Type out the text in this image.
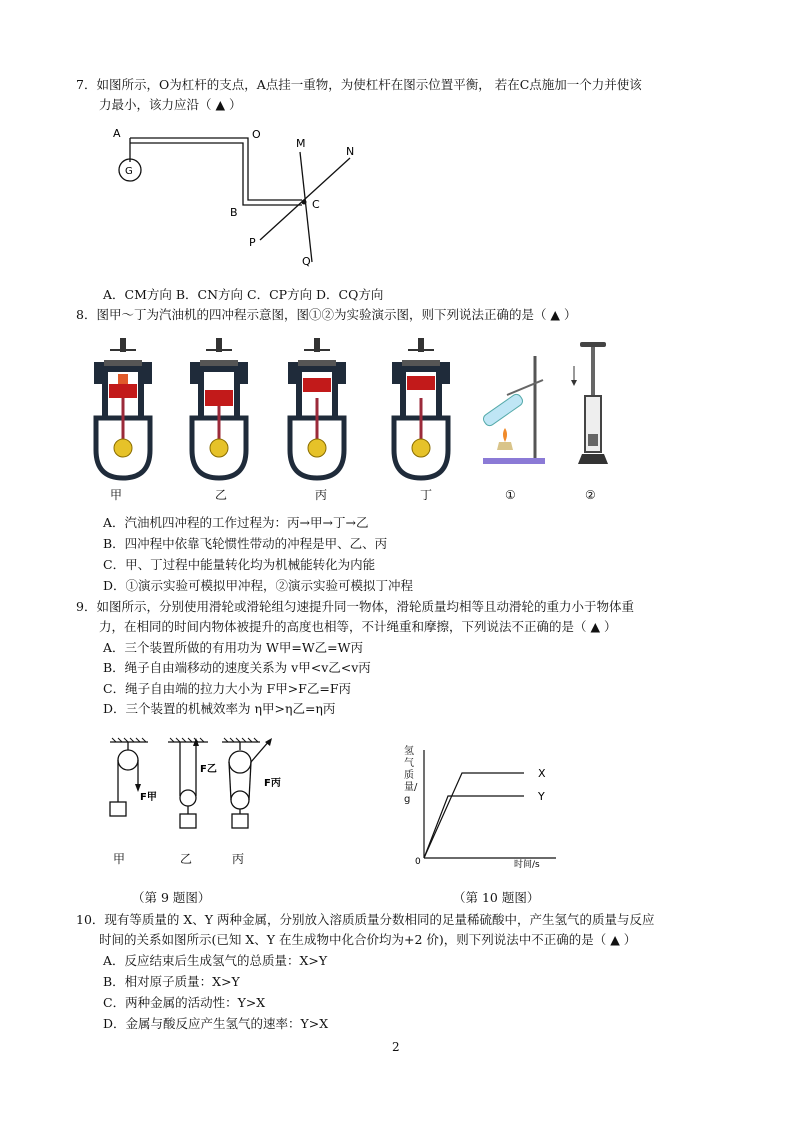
7．如图所示，O为杠杆的支点，A点挂一重物，为使杠杆在图示位置平衡， 若在C点施加一个力并使该
力最小，该力应沿（ ▲ ）
A	O
M
N
G
B
C
P
Q
A．CM方向 B．CN方向 C．CP方向 D．CQ方向
8．图甲～丁为汽油机的四冲程示意图，图①②为实验演示图，则下列说法正确的是（ ▲ ）
甲	乙	丙	丁	①	②
A．汽油机四冲程的工作过程为：丙→甲→丁→乙
B．四冲程中依靠飞轮惯性带动的冲程是甲、乙、丙
C．甲、丁过程中能量转化均为机械能转化为内能
D．①演示实验可模拟甲冲程，②演示实验可模拟丁冲程
9．如图所示，分别使用滑轮或滑轮组匀速提升同一物体，滑轮质量均相等且动滑轮的重力小于物体重
力，在相同的时间内物体被提升的高度也相等，不计绳重和摩擦，下列说法不正确的是（ ▲ ）
A．三个装置所做的有用功为 W甲=W乙=W丙
B．绳子自由端移动的速度关系为 v甲<v乙<v丙
C．绳子自由端的拉力大小为 F甲>F乙=F丙
D．三个装置的机械效率为 η甲>η乙=η丙
F甲
F乙
F丙
甲	乙	丙
（第 9 题图）
X
Y
0	时间/s
氢气质量/g
（第 10 题图）
10．现有等质量的 X、Y 两种金属，分别放入溶质质量分数相同的足量稀硫酸中，产生氢气的质量与反应
时间的关系如图所示(已知 X、Y 在生成物中化合价均为+2 价)，则下列说法中不正确的是（ ▲ ）
A．反应结束后生成氢气的总质量：X>Y
B．相对原子质量：X>Y
C．两种金属的活动性：Y>X
D．金属与酸反应产生氢气的速率：Y>X
2
